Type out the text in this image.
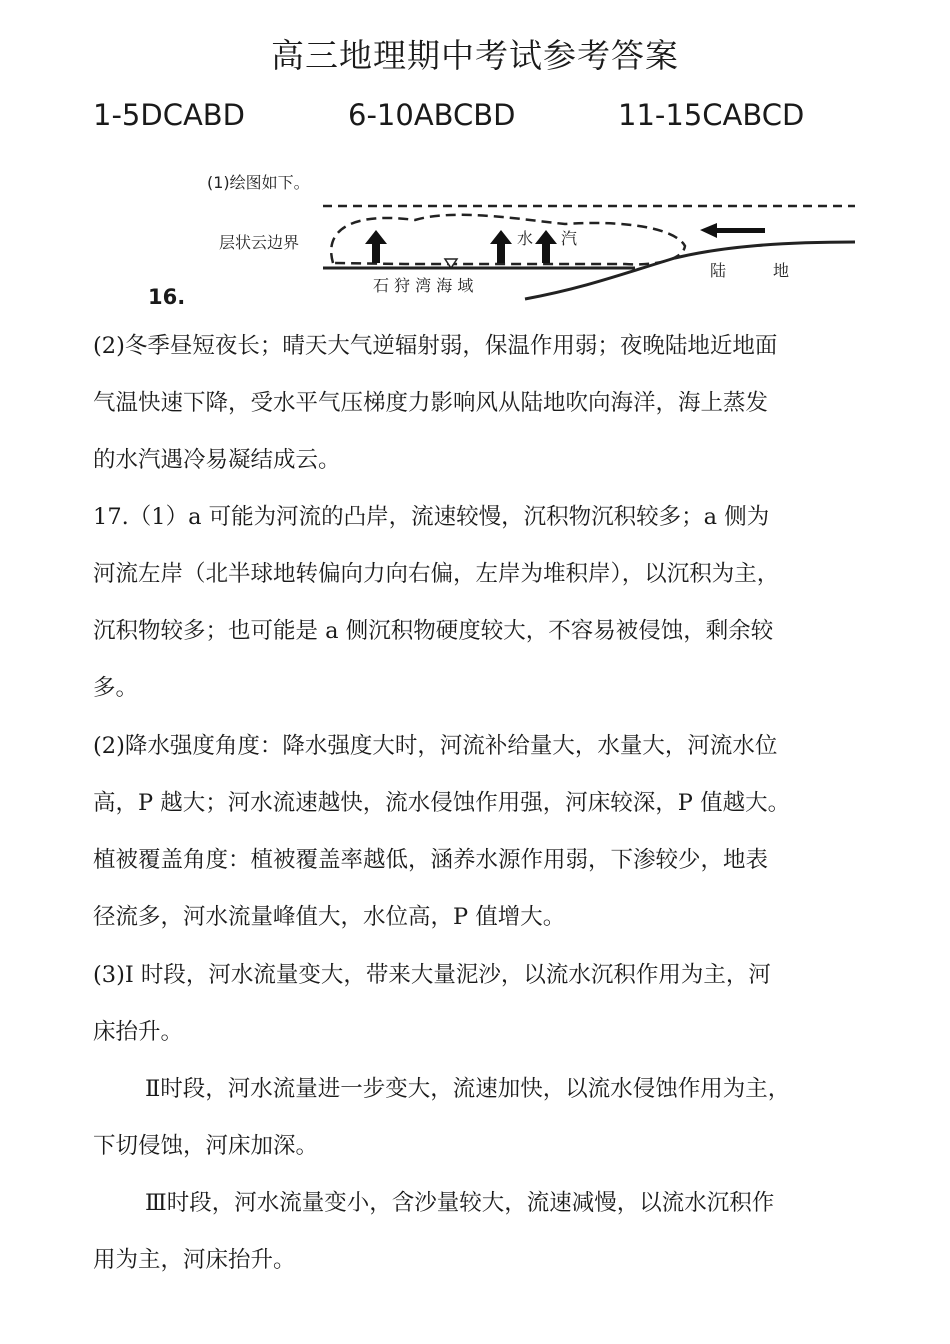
高三地理期中考试参考答案
1-5DCABD	6-10ABCBD	11-15CABCD
(1)绘图如下。
层状云边界	水 汽
石 狩 湾 海 域
陆	地
16.

(2)冬季昼短夜长；晴天大气逆辐射弱，保温作用弱；夜晚陆地近地面

气温快速下降，受水平气压梯度力影响风从陆地吹向海洋，海上蒸发

的水汽遇冷易凝结成云。

17.（1）a 可能为河流的凸岸，流速较慢，沉积物沉积较多；a 侧为

河流左岸（北半球地转偏向力向右偏，左岸为堆积岸），以沉积为主，

沉积物较多；也可能是 a 侧沉积物硬度较大，不容易被侵蚀，剩余较

多。

(2)降水强度角度：降水强度大时，河流补给量大，水量大，河流水位

高，P 越大；河水流速越快，流水侵蚀作用强，河床较深，P 值越大。

植被覆盖角度：植被覆盖率越低，涵养水源作用弱，下渗较少，地表

径流多，河水流量峰值大，水位高，P 值增大。

(3)I 时段，河水流量变大，带来大量泥沙，以流水沉积作用为主，河

床抬升。

Ⅱ时段，河水流量进一步变大，流速加快，以流水侵蚀作用为主，

下切侵蚀，河床加深。

Ⅲ时段，河水流量变小，含沙量较大，流速减慢，以流水沉积作

用为主，河床抬升。
